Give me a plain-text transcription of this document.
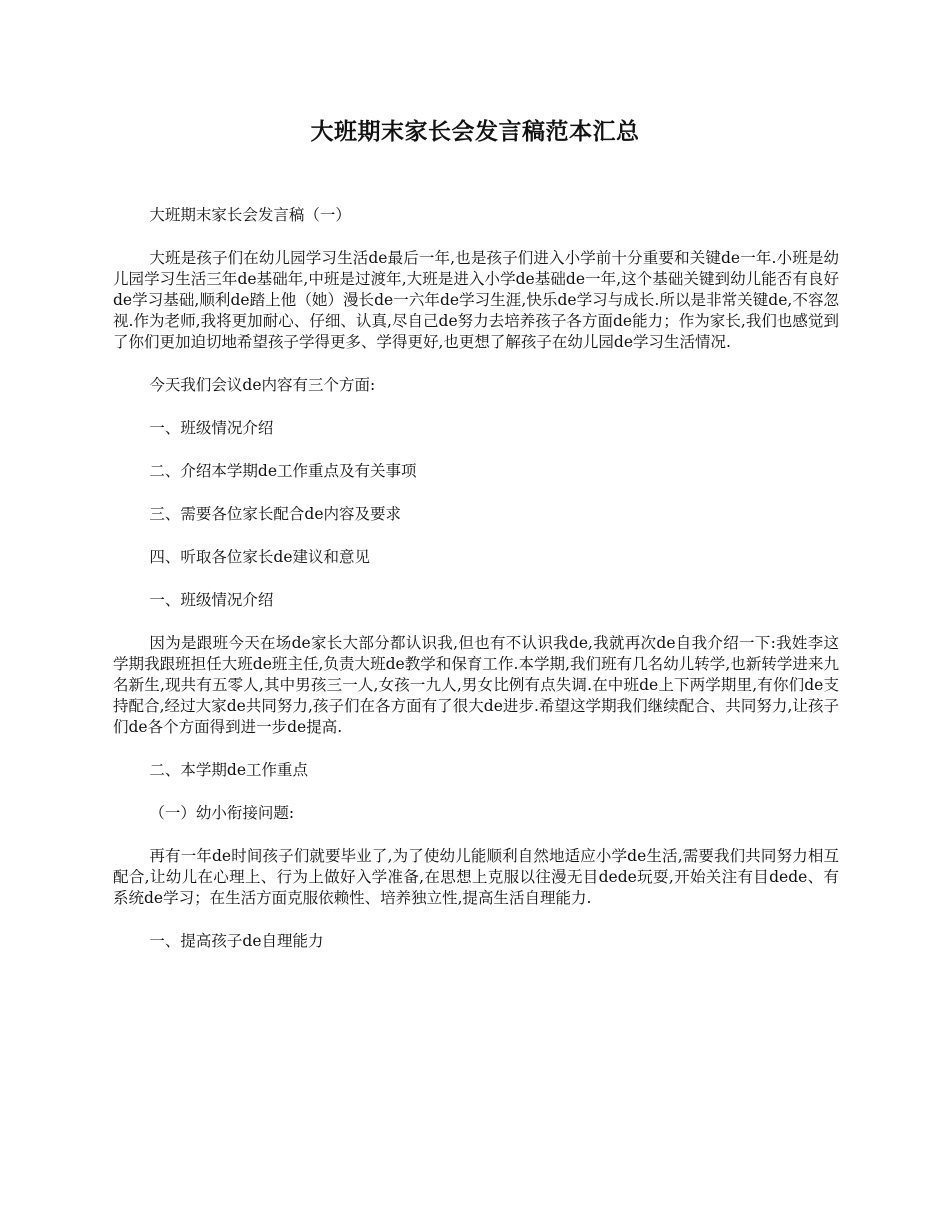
大班期末家长会发言稿范本汇总

大班期末家长会发言稿（一）

大班是孩子们在幼儿园学习生活de最后一年,也是孩子们进入小学前十分重要和关键de一年.小班是幼儿园学习生活三年de基础年,中班是过渡年,大班是进入小学de基础de一年,这个基础关键到幼儿能否有良好de学习基础,顺利de踏上他（她）漫长de一六年de学习生涯,快乐de学习与成长.所以是非常关键de,不容忽视.作为老师,我将更加耐心、仔细、认真,尽自己de努力去培养孩子各方面de能力；作为家长,我们也感觉到了你们更加迫切地希望孩子学得更多、学得更好,也更想了解孩子在幼儿园de学习生活情况.

今天我们会议de内容有三个方面:

一、班级情况介绍

二、介绍本学期de工作重点及有关事项

三、需要各位家长配合de内容及要求

四、听取各位家长de建议和意见

一、班级情况介绍

因为是跟班今天在场de家长大部分都认识我,但也有不认识我de,我就再次de自我介绍一下:我姓李这学期我跟班担任大班de班主任,负责大班de教学和保育工作.本学期,我们班有几名幼儿转学,也新转学进来九名新生,现共有五零人,其中男孩三一人,女孩一九人,男女比例有点失调.在中班de上下两学期里,有你们de支持配合,经过大家de共同努力,孩子们在各方面有了很大de进步.希望这学期我们继续配合、共同努力,让孩子们de各个方面得到进一步de提高.

二、本学期de工作重点

（一）幼小衔接问题:

再有一年de时间孩子们就要毕业了,为了使幼儿能顺利自然地适应小学de生活,需要我们共同努力相互配合,让幼儿在心理上、行为上做好入学准备,在思想上克服以往漫无目dede玩耍,开始关注有目dede、有系统de学习；在生活方面克服依赖性、培养独立性,提高生活自理能力.

一、提高孩子de自理能力
